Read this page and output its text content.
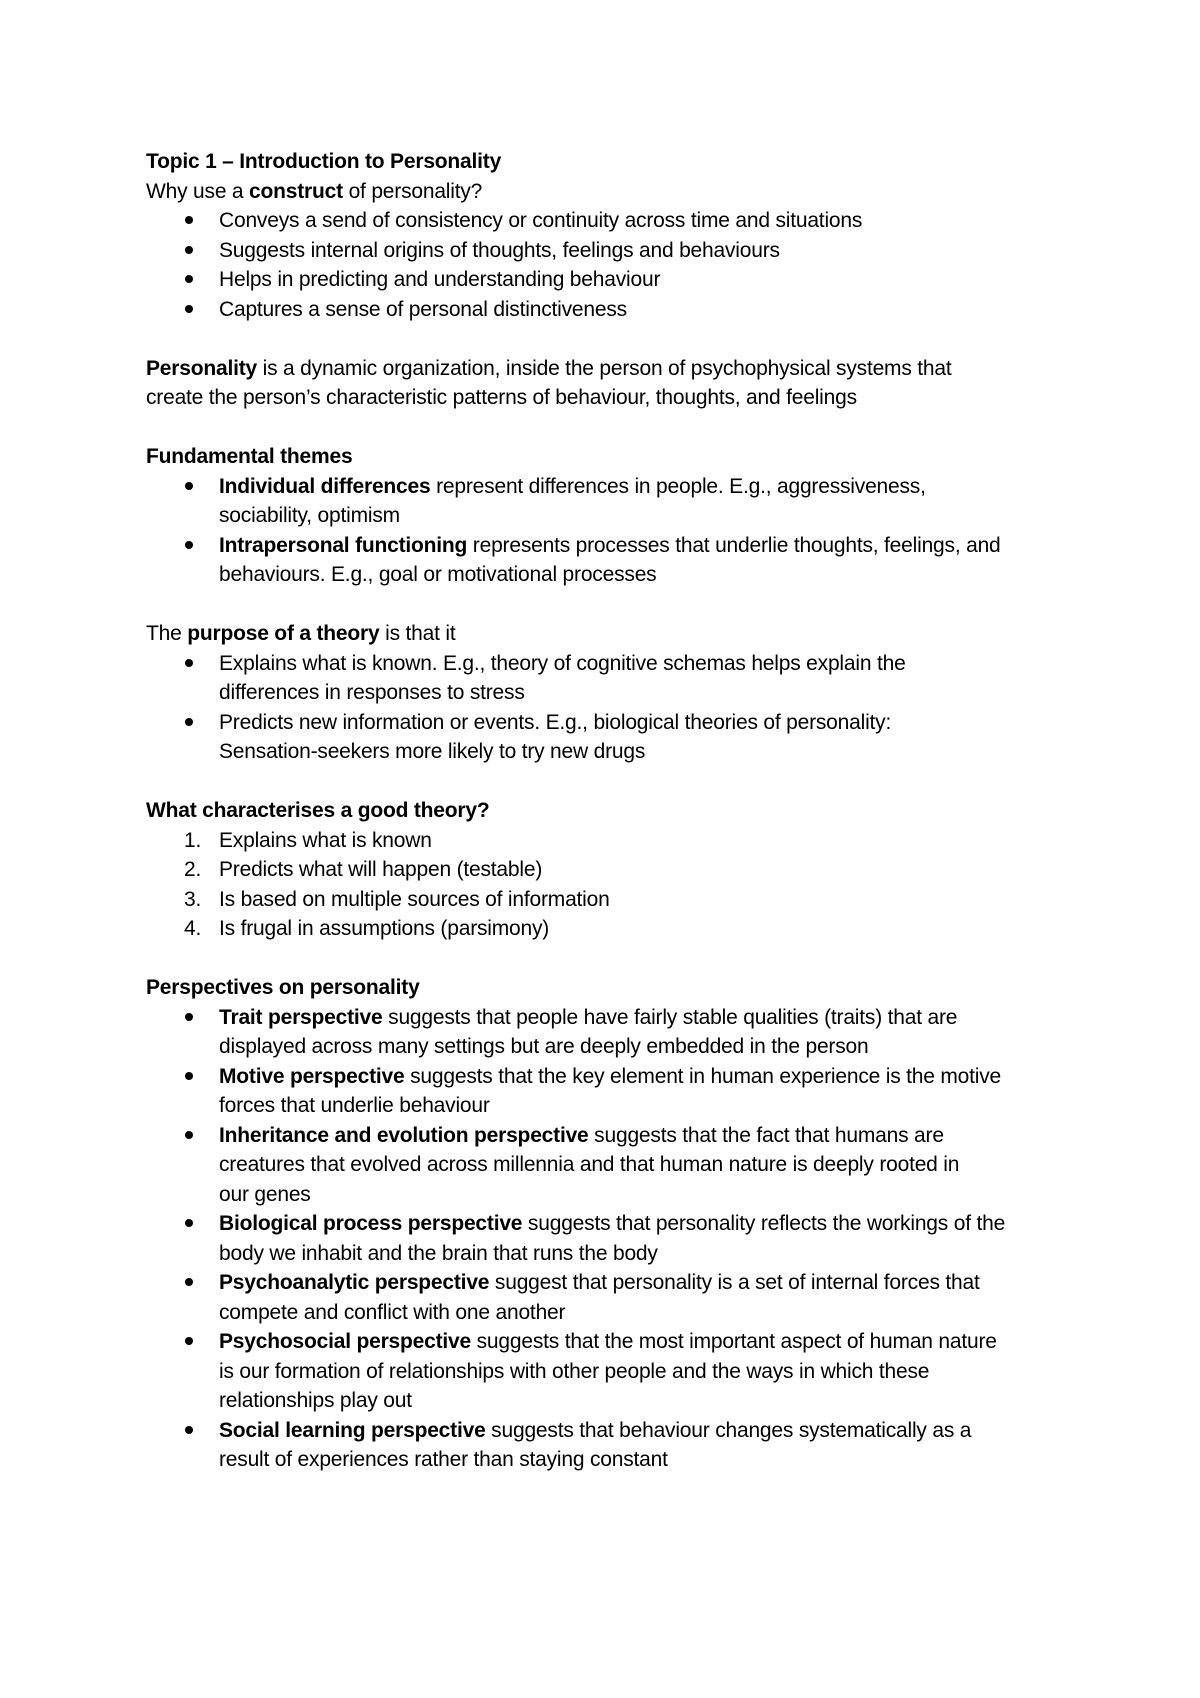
Topic 1 – Introduction to Personality
Why use a construct of personality?
Conveys a send of consistency or continuity across time and situations
Suggests internal origins of thoughts, feelings and behaviours
Helps in predicting and understanding behaviour
Captures a sense of personal distinctiveness
Personality is a dynamic organization, inside the person of psychophysical systems that
create the person’s characteristic patterns of behaviour, thoughts, and feelings
Fundamental themes
Individual differences represent differences in people. E.g., aggressiveness,
sociability, optimism
Intrapersonal functioning represents processes that underlie thoughts, feelings, and
behaviours. E.g., goal or motivational processes
The purpose of a theory is that it
Explains what is known. E.g., theory of cognitive schemas helps explain the
differences in responses to stress
Predicts new information or events. E.g., biological theories of personality:
Sensation-seekers more likely to try new drugs
What characterises a good theory?
1. Explains what is known
2. Predicts what will happen (testable)
3. Is based on multiple sources of information
4. Is frugal in assumptions (parsimony)
Perspectives on personality
Trait perspective suggests that people have fairly stable qualities (traits) that are
displayed across many settings but are deeply embedded in the person
Motive perspective suggests that the key element in human experience is the motive
forces that underlie behaviour
Inheritance and evolution perspective suggests that the fact that humans are
creatures that evolved across millennia and that human nature is deeply rooted in
our genes
Biological process perspective suggests that personality reflects the workings of the
body we inhabit and the brain that runs the body
Psychoanalytic perspective suggest that personality is a set of internal forces that
compete and conflict with one another
Psychosocial perspective suggests that the most important aspect of human nature
is our formation of relationships with other people and the ways in which these
relationships play out
Social learning perspective suggests that behaviour changes systematically as a
result of experiences rather than staying constant
